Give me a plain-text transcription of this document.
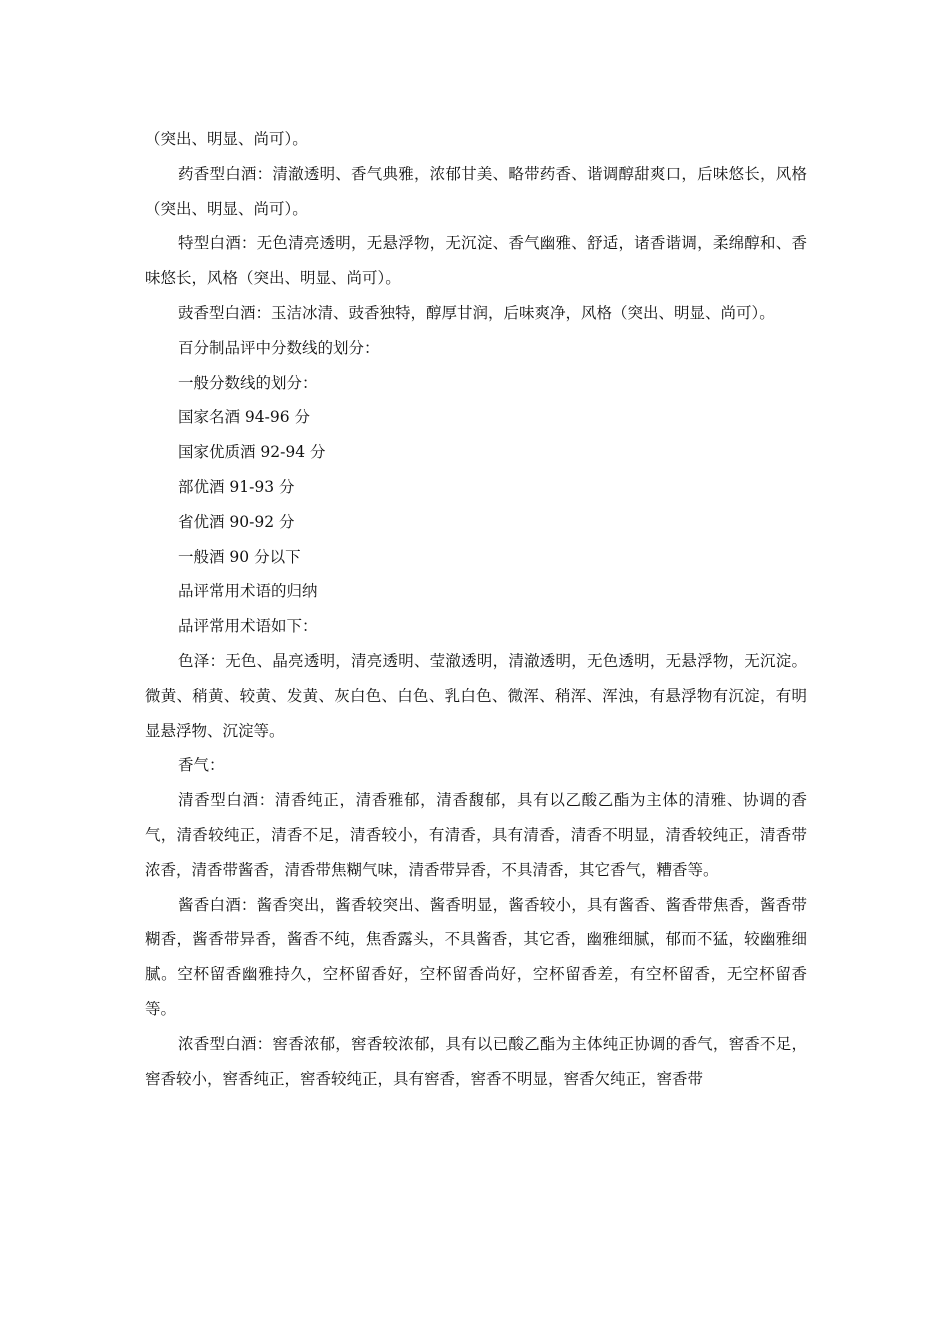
（突出、明显、尚可）。

药香型白酒：清澈透明、香气典雅，浓郁甘美、略带药香、谐调醇甜爽口，后味悠长，风格（突出、明显、尚可）。

特型白酒：无色清亮透明，无悬浮物，无沉淀、香气幽雅、舒适，诸香谐调，柔绵醇和、香味悠长，风格（突出、明显、尚可）。

豉香型白酒：玉洁冰清、豉香独特，醇厚甘润，后味爽净，风格（突出、明显、尚可）。

百分制品评中分数线的划分：

一般分数线的划分：

国家名酒 94-96 分

国家优质酒 92-94 分

部优酒 91-93 分

省优酒 90-92 分

一般酒 90 分以下

品评常用术语的归纳

品评常用术语如下：

色泽：无色、晶亮透明，清亮透明、莹澈透明，清澈透明，无色透明，无悬浮物，无沉淀。微黄、稍黄、较黄、发黄、灰白色、白色、乳白色、微浑、稍浑、浑浊，有悬浮物有沉淀，有明显悬浮物、沉淀等。

香气：

清香型白酒：清香纯正，清香雅郁，清香馥郁，具有以乙酸乙酯为主体的清雅、协调的香气，清香较纯正，清香不足，清香较小，有清香，具有清香，清香不明显，清香较纯正，清香带浓香，清香带酱香，清香带焦糊气味，清香带异香，不具清香，其它香气，糟香等。

酱香白酒：酱香突出，酱香较突出、酱香明显，酱香较小，具有酱香、酱香带焦香，酱香带糊香，酱香带异香，酱香不纯，焦香露头，不具酱香，其它香，幽雅细腻，郁而不猛，较幽雅细腻。空杯留香幽雅持久，空杯留香好，空杯留香尚好，空杯留香差，有空杯留香，无空杯留香等。

浓香型白酒：窖香浓郁，窖香较浓郁，具有以已酸乙酯为主体纯正协调的香气，窖香不足，窖香较小，窖香纯正，窖香较纯正，具有窖香，窖香不明显，窖香欠纯正，窖香带
